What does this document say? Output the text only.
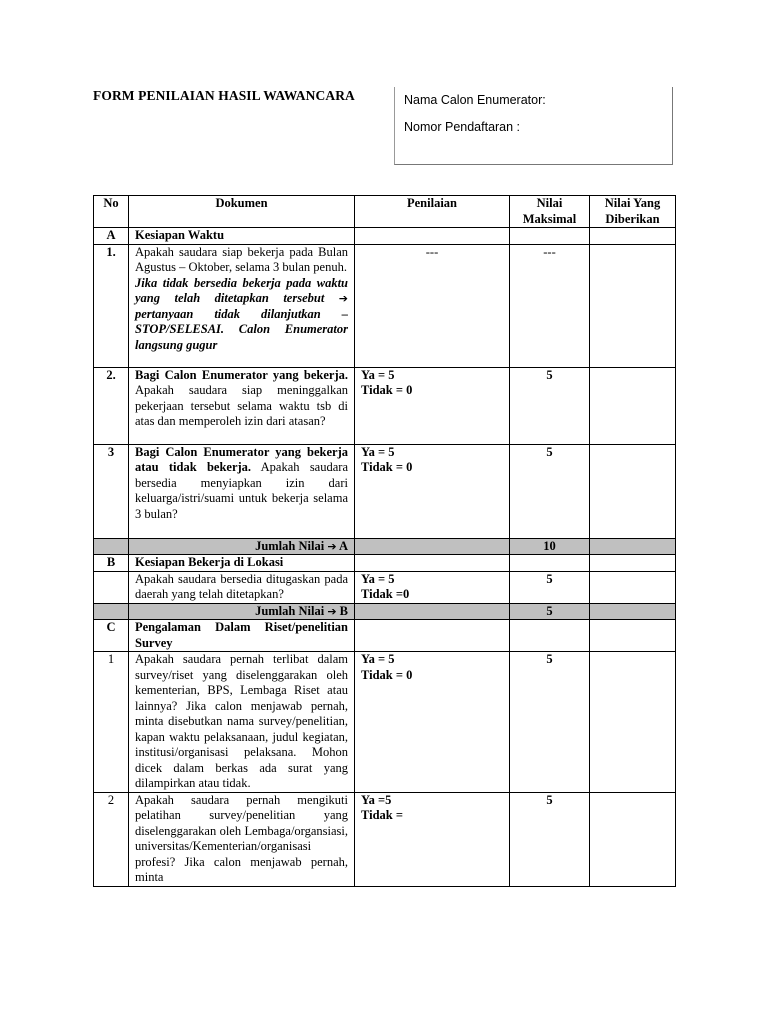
FORM PENILAIAN HASIL WAWANCARA	Nama Calon Enumerator:
Nomor Pendaftaran :
No	Dokumen	Penilaian	Nilai
Maksimal	Nilai Yang
Diberikan
A	Kesiapan Waktu			
1.	Apakah saudara siap bekerja pada Bulan Agustus – Oktober, selama 3 bulan penuh.
Jika tidak bersedia bekerja pada waktu yang telah ditetapkan tersebut ➔ pertanyaan tidak dilanjutkan – STOP/SELESAI. Calon Enumerator langsung gugur	---	---	
2.	Bagi Calon Enumerator yang bekerja. Apakah saudara siap meninggalkan pekerjaan tersebut selama waktu tsb di atas dan memperoleh izin dari atasan?	Ya = 5
Tidak = 0	5	
3	Bagi Calon Enumerator yang bekerja atau tidak bekerja. Apakah saudara bersedia menyiapkan izin dari keluarga/istri/suami untuk bekerja selama 3 bulan?	Ya = 5
Tidak = 0	5	
	Jumlah Nilai ➔ A		10	
B	Kesiapan Bekerja di Lokasi			
	Apakah saudara bersedia ditugaskan pada daerah yang telah ditetapkan?	Ya = 5
Tidak =0	5	
	Jumlah Nilai ➔ B		5	
C	Pengalaman Dalam Riset/penelitian Survey			
1	Apakah saudara pernah terlibat dalam survey/riset yang diselenggarakan oleh kementerian, BPS, Lembaga Riset atau lainnya? Jika calon menjawab pernah, minta disebutkan nama survey/penelitian, kapan waktu pelaksanaan, judul kegiatan, institusi/organisasi pelaksana. Mohon dicek dalam berkas ada surat yang dilampirkan atau tidak.	Ya = 5
Tidak = 0	5	
2	Apakah saudara pernah mengikuti pelatihan survey/penelitian yang diselenggarakan oleh Lembaga/organsiasi, universitas/Kementerian/organisasi profesi? Jika calon menjawab pernah, minta	Ya =5
Tidak =	5	
